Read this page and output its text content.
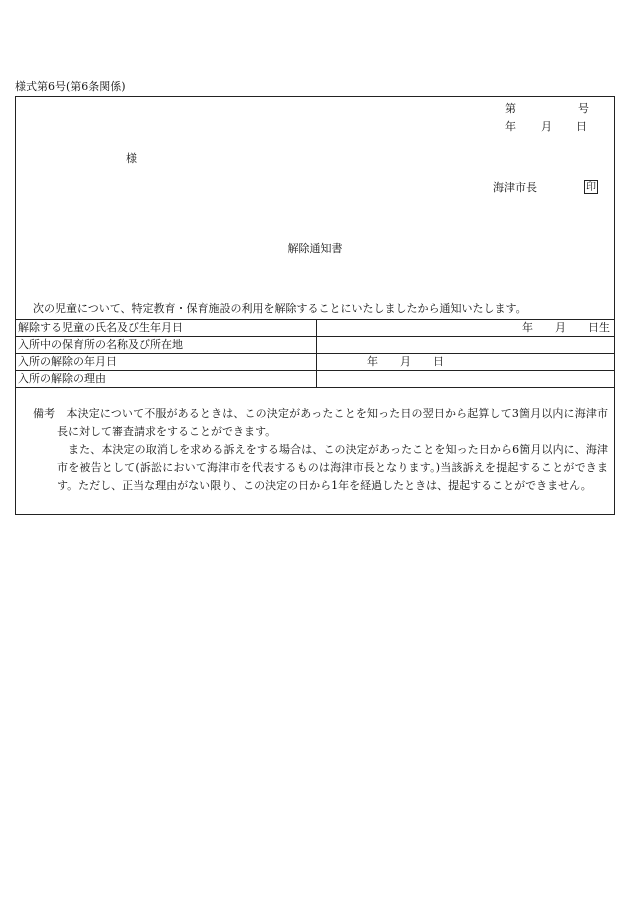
様式第6号(第6条関係)
第	号
年 月 日
様
海津市長	印
解除通知書
次の児童について、特定教育・保育施設の利用を解除することにいたしましたから通知いたします。
解除する児童の氏名及び生年月日	年 月 日生

入所中の保育所の名称及び所在地	
入所の解除の年月日	年 月 日

入所の解除の理由	

備考　本決定について不服があるときは、この決定があったことを知った日の翌日から起算して3箇月以内に海津市長に対して審査請求をすることができます。

また、本決定の取消しを求める訴えをする場合は、この決定があったことを知った日から6箇月以内に、海津市を被告として(訴訟において海津市を代表するものは海津市長となります。)当該訴えを提起することができます。ただし、正当な理由がない限り、この決定の日から1年を経過したときは、提起することができません。
